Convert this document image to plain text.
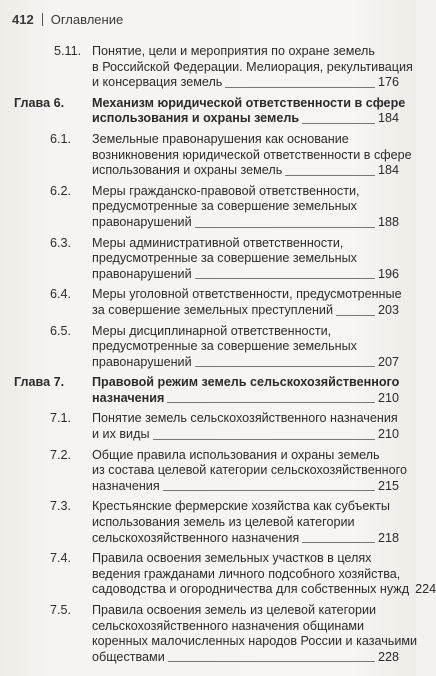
412 Оглавление
5.11. Понятие, цели и мероприятия по охране земель
в Российской Федерации. Мелиорация, рекультивация
и консервация земель	176
Глава 6. Механизм юридической ответственности в сфере
использования и охраны земель	184
6.1.	Земельные правонарушения как основание
возникновения юридической ответственности в сфере
использования и охраны земель	184
6.2.	Меры гражданско-правовой ответственности,
предусмотренные за совершение земельных
правонарушений	188
6.3.	Меры административной ответственности,
предусмотренные за совершение земельных
правонарушений	196
6.4.	Меры уголовной ответственности, предусмотренные
за совершение земельных преступлений	203
6.5.	Меры дисциплинарной ответственности,
предусмотренные за совершение земельных
правонарушений	207
Глава 7. Правовой режим земель сельскохозяйственного
назначения	210
7.1.	Понятие земель сельскохозяйственного назначения
и их виды	210
7.2.	Общие правила использования и охраны земель
из состава целевой категории сельскохозяйственного
назначения	215
7.3.	Крестьянские фермерские хозяйства как субъекты
использования земель из целевой категории
сельскохозяйственного назначения	218
7.4.	Правила освоения земельных участков в целях
ведения гражданами личного подсобного хозяйства,
садоводства и огородничества для собственных нужд 224
7.5.	Правила освоения земель из целевой категории
сельскохозяйственного назначения общинами
коренных малочисленных народов России и казачьими
обществами	228
